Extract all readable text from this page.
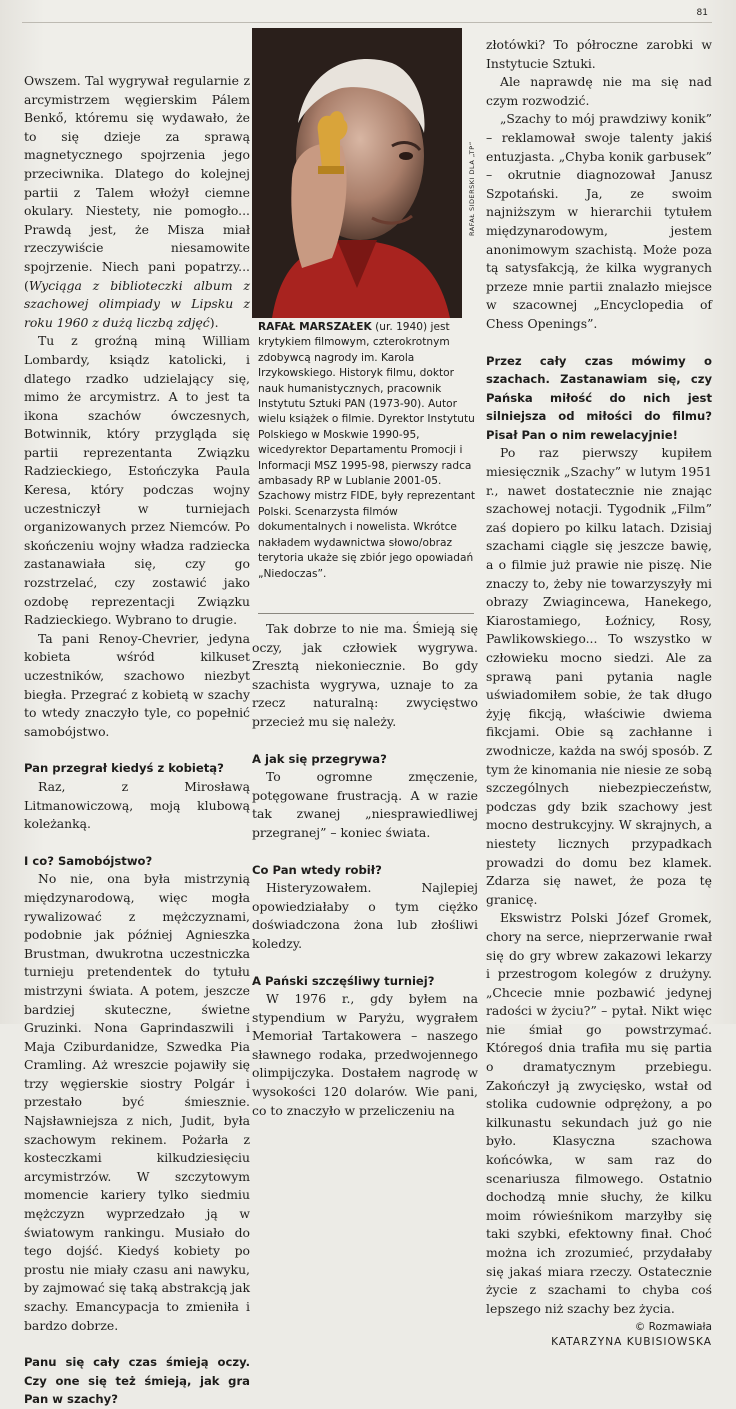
81
RAFAŁ SIDERSKI DLA „TP”
RAFAŁ MARSZAŁEK (ur. 1940) jest krytykiem filmowym, czterokrotnym zdobywcą nagrody im. Karola Irzykowskiego. Historyk filmu, doktor nauk humanistycznych, pracownik Instytutu Sztuki PAN (1973-90). Autor wielu książek o filmie. Dyrektor Instytutu Polskiego w Moskwie 1990-95, wicedyrektor Departamentu Promocji i Informacji MSZ 1995-98, pierwszy radca ambasady RP w Lublanie 2001-05. Szachowy mistrz FIDE, były reprezentant Polski. Scenarzysta filmów dokumentalnych i nowelista. Wkrótce nakładem wydawnictwa słowo/obraz terytoria ukaże się zbiór jego opowiadań „Niedoczas”.

Owszem. Tal wygrywał regularnie z arcymistrzem węgierskim Pálem Benkő, któremu się wydawało, że to się dzieje za sprawą magnetycznego spojrzenia jego przeciwnika. Dlatego do kolejnej partii z Talem włożył ciemne okulary. Niestety, nie pomogło... Prawdą jest, że Misza miał rzeczywiście niesamowite spojrzenie. Niech pani popatrzy... (Wyciąga z biblioteczki album z szachowej olimpiady w Lipsku z roku 1960 z dużą liczbą zdjęć).

Tu z groźną miną William Lombardy, ksiądz katolicki, i dlatego rzadko udzielający się, mimo że arcymistrz. A to jest ta ikona szachów ówczesnych, Botwinnik, który przygląda się partii reprezentanta Związku Radzieckiego, Estończyka Paula Keresa, który podczas wojny uczestniczył w turniejach organizowanych przez Niemców. Po skończeniu wojny władza radziecka zastanawiała się, czy go rozstrzelać, czy zostawić jako ozdobę reprezentacji Związku Radzieckiego. Wybrano to drugie.

Ta pani Renoy-Chevrier, jedyna kobieta wśród kilkuset uczestników, szachowo niezbyt biegła. Przegrać z kobietą w szachy to wtedy znaczyło tyle, co popełnić samobójstwo.

Pan przegrał kiedyś z kobietą?

Raz, z Mirosławą Litmanowiczową, moją klubową koleżanką.

I co? Samobójstwo?

No nie, ona była mistrzynią międzynarodową, więc mogła rywalizować z mężczyznami, podobnie jak później Agnieszka Brustman, dwukrotna uczestniczka turnieju pretendentek do tytułu mistrzyni świata. A potem, jeszcze bardziej skuteczne, świetne Gruzinki. Nona Gaprindaszwili i Maja Cziburdanidze, Szwedka Pia Cramling. Aż wreszcie pojawiły się trzy węgierskie siostry Polgár i przestało być śmiesznie. Najsławniejsza z nich, Judit, była szachowym rekinem. Pożarła z kosteczkami kilkudziesięciu arcymistrzów. W szczytowym momencie kariery tylko siedmiu mężczyzn wyprzedzało ją w światowym rankingu. Musiało do tego dojść. Kiedyś kobiety po prostu nie miały czasu ani nawyku, by zajmować się taką abstrakcją jak szachy. Emancypacja to zmieniła i bardzo dobrze.

Panu się cały czas śmieją oczy. Czy one się też śmieją, jak gra Pan w szachy?

Tak dobrze to nie ma. Śmieją się oczy, jak człowiek wygrywa. Zresztą niekoniecznie. Bo gdy szachista wygrywa, uznaje to za rzecz naturalną: zwycięstwo przecież mu się należy.

A jak się przegrywa?

To ogromne zmęczenie, potęgowane frustracją. A w razie tak zwanej „niesprawiedliwej przegranej” – koniec świata.

Co Pan wtedy robił?

Histeryzowałem. Najlepiej opowiedziałaby o tym ciężko doświadczona żona lub złośliwi koledzy.

A Pański szczęśliwy turniej?

W 1976 r., gdy byłem na stypendium w Paryżu, wygrałem Memoriał Tartakowera – naszego sławnego rodaka, przedwojennego olimpijczyka. Dostałem nagrodę w wysokości 120 dolarów. Wie pani, co to znaczyło w przeliczeniu na

złotówki? To półroczne zarobki w Instytucie Sztuki.

Ale naprawdę nie ma się nad czym rozwodzić.

„Szachy to mój prawdziwy konik” – reklamował swoje talenty jakiś entuzjasta. „Chyba konik garbusek” – okrutnie diagnozował Janusz Szpotański. Ja, ze swoim najniższym w hierarchii tytułem międzynarodowym, jestem anonimowym szachistą. Może poza tą satysfakcją, że kilka wygranych przeze mnie partii znalazło miejsce w szacownej „Encyclopedia of Chess Openings”.

Przez cały czas mówimy o szachach. Zastanawiam się, czy Pańska miłość do nich jest silniejsza od miłości do filmu? Pisał Pan o nim rewelacyjnie!

Po raz pierwszy kupiłem miesięcznik „Szachy” w lutym 1951 r., nawet dostatecznie nie znając szachowej notacji. Tygodnik „Film” zaś dopiero po kilku latach. Dzisiaj szachami ciągle się jeszcze bawię, a o filmie już prawie nie piszę. Nie znaczy to, żeby nie towarzyszyły mi obrazy Zwiagincewa, Hanekego, Kiarostamiego, Łoźnicy, Rosy, Pawlikowskiego... To wszystko w człowieku mocno siedzi. Ale za sprawą pani pytania nagle uświadomiłem sobie, że tak długo żyję fikcją, właściwie dwiema fikcjami. Obie są zachłanne i zwodnicze, każda na swój sposób. Z tym że kinomania nie niesie ze sobą szczególnych niebezpieczeństw, podczas gdy bzik szachowy jest mocno destrukcyjny. W skrajnych, a niestety licznych przypadkach prowadzi do domu bez klamek. Zdarza się nawet, że poza tę granicę.

Ekswistrz Polski Józef Gromek, chory na serce, nieprzerwanie rwał się do gry wbrew zakazowi lekarzy i przestrogom kolegów z drużyny. „Chcecie mnie pozbawić jedynej radości w życiu?” – pytał. Nikt więc nie śmiał go powstrzymać. Któregoś dnia trafiła mu się partia o dramatycznym przebiegu. Zakończył ją zwycięsko, wstał od stolika cudownie odprężony, a po kilkunastu sekundach już go nie było. Klasyczna szachowa końcówka, w sam raz do scenariusza filmowego. Ostatnio dochodzą mnie słuchy, że kilku moim rówieśnikom marzyłby się taki szybki, efektowny finał. Choć można ich zrozumieć, przydałaby się jakaś miara rzeczy. Ostatecznie życie z szachami to chyba coś lepszego niż szachy bez życia.

© Rozmawiała
KATARZYNA KUBISIOWSKA
